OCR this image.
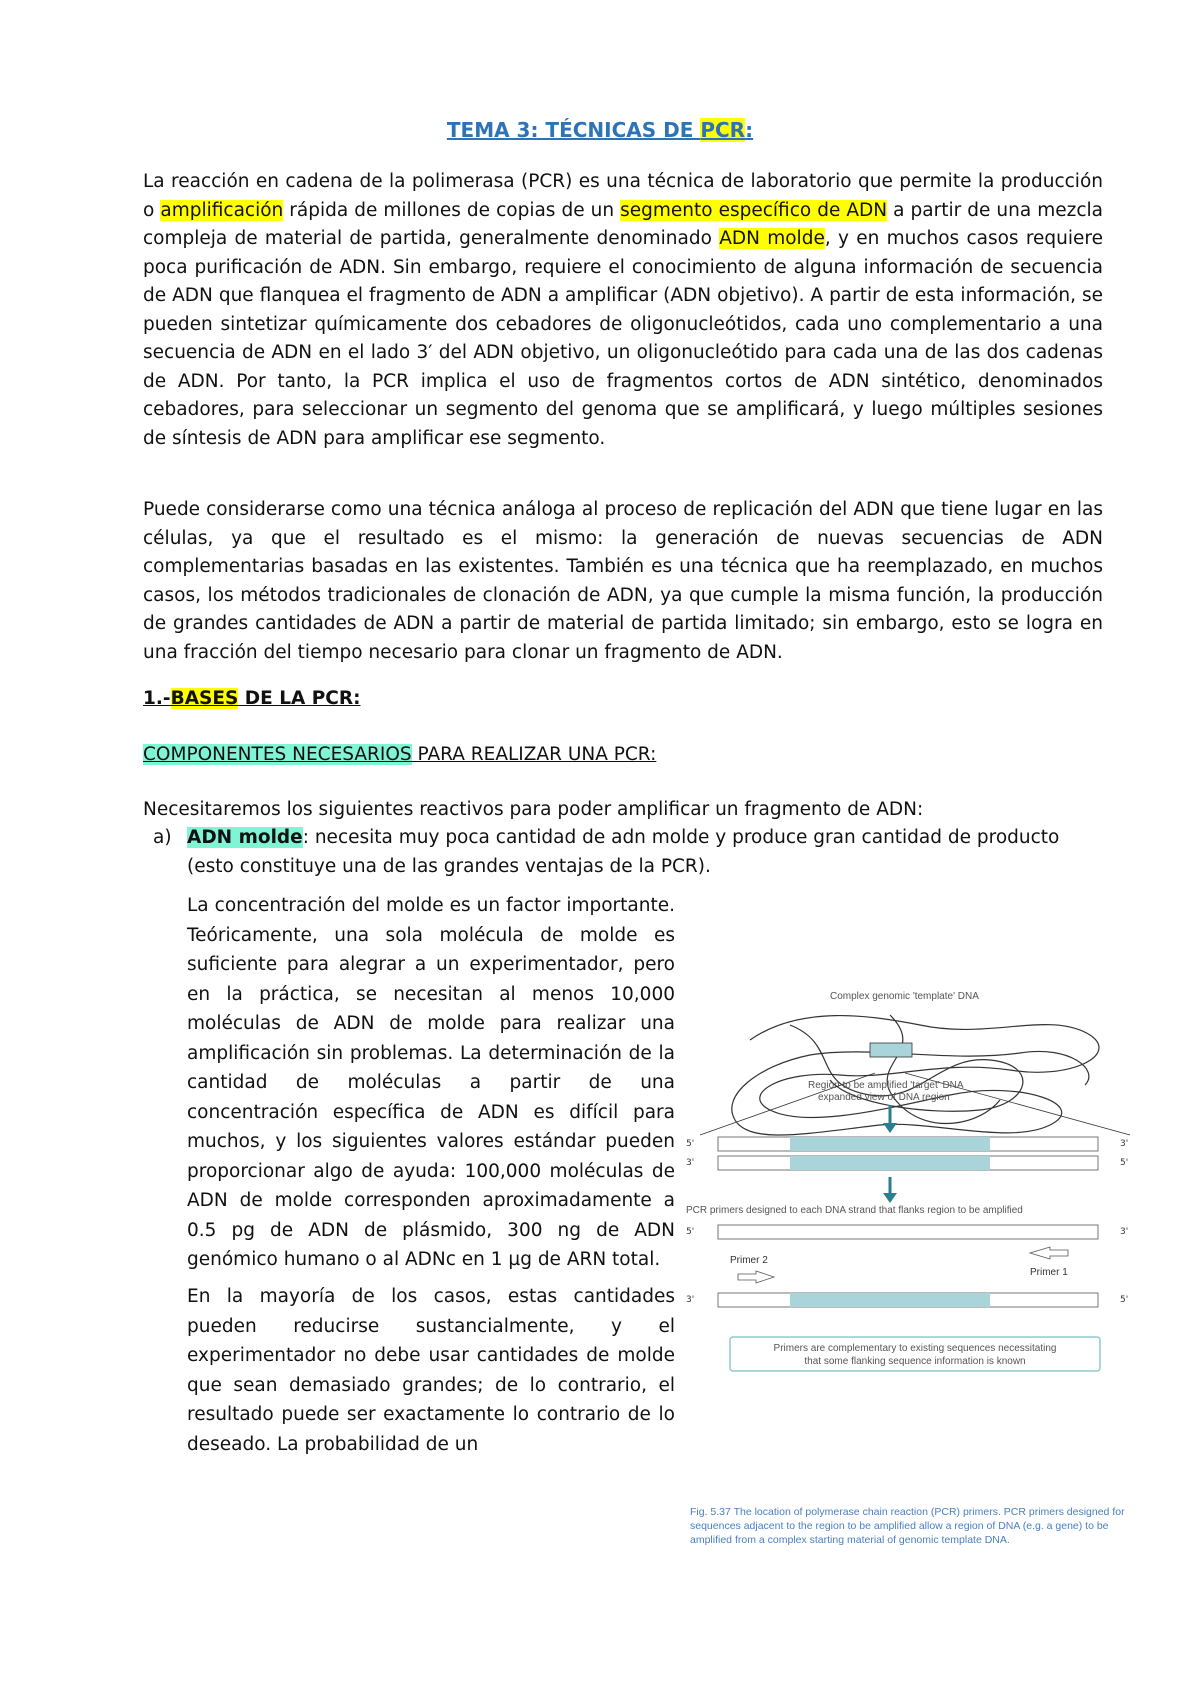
TEMA 3: TÉCNICAS DE PCR:
La reacción en cadena de la polimerasa (PCR) es una técnica de laboratorio que permite la producción o amplificación rápida de millones de copias de un segmento específico de ADN a partir de una mezcla compleja de material de partida, generalmente denominado ADN molde, y en muchos casos requiere poca purificación de ADN. Sin embargo, requiere el conocimiento de alguna información de secuencia de ADN que flanquea el fragmento de ADN a amplificar (ADN objetivo). A partir de esta información, se pueden sintetizar químicamente dos cebadores de oligonucleótidos, cada uno complementario a una secuencia de ADN en el lado 3′ del ADN objetivo, un oligonucleótido para cada una de las dos cadenas de ADN. Por tanto, la PCR implica el uso de fragmentos cortos de ADN sintético, denominados cebadores, para seleccionar un segmento del genoma que se amplificará, y luego múltiples sesiones de síntesis de ADN para amplificar ese segmento.
Puede considerarse como una técnica análoga al proceso de replicación del ADN que tiene lugar en las células, ya que el resultado es el mismo: la generación de nuevas secuencias de ADN complementarias basadas en las existentes. También es una técnica que ha reemplazado, en muchos casos, los métodos tradicionales de clonación de ADN, ya que cumple la misma función, la producción de grandes cantidades de ADN a partir de material de partida limitado; sin embargo, esto se logra en una fracción del tiempo necesario para clonar un fragmento de ADN.
1.-BASES DE LA PCR:
COMPONENTES NECESARIOS PARA REALIZAR UNA PCR:
Necesitaremos los siguientes reactivos para poder amplificar un fragmento de ADN:
a) ADN molde: necesita muy poca cantidad de adn molde y produce gran cantidad de producto (esto constituye una de las grandes ventajas de la PCR).
La concentración del molde es un factor importante. Teóricamente, una sola molécula de molde es suficiente para alegrar a un experimentador, pero en la práctica, se necesitan al menos 10,000 moléculas de ADN de molde para realizar una amplificación sin problemas. La determinación de la cantidad de moléculas a partir de una concentración específica de ADN es difícil para muchos, y los siguientes valores estándar pueden proporcionar algo de ayuda: 100,000 moléculas de ADN de molde corresponden aproximadamente a 0.5 pg de ADN de plásmido, 300 ng de ADN genómico humano o al ADNc en 1 µg de ARN total.
En la mayoría de los casos, estas cantidades pueden reducirse sustancialmente, y el experimentador no debe usar cantidades de molde que sean demasiado grandes; de lo contrario, el resultado puede ser exactamente lo contrario de lo deseado. La probabilidad de un
Complex genomic 'template' DNA
Region to be amplified 'target' DNA
expanded view of DNA region
5'	3'
3'	5'
PCR primers designed to each DNA strand that flanks region to be amplified
5'	3'
Primer 1
Primer 2
3'	5'
Primers are complementary to existing sequences necessitating
that some flanking sequence information is known
Fig. 5.37 The location of polymerase chain reaction (PCR) primers. PCR primers designed for sequences adjacent to the region to be amplified allow a region of DNA (e.g. a gene) to be amplified from a complex starting material of genomic template DNA.
